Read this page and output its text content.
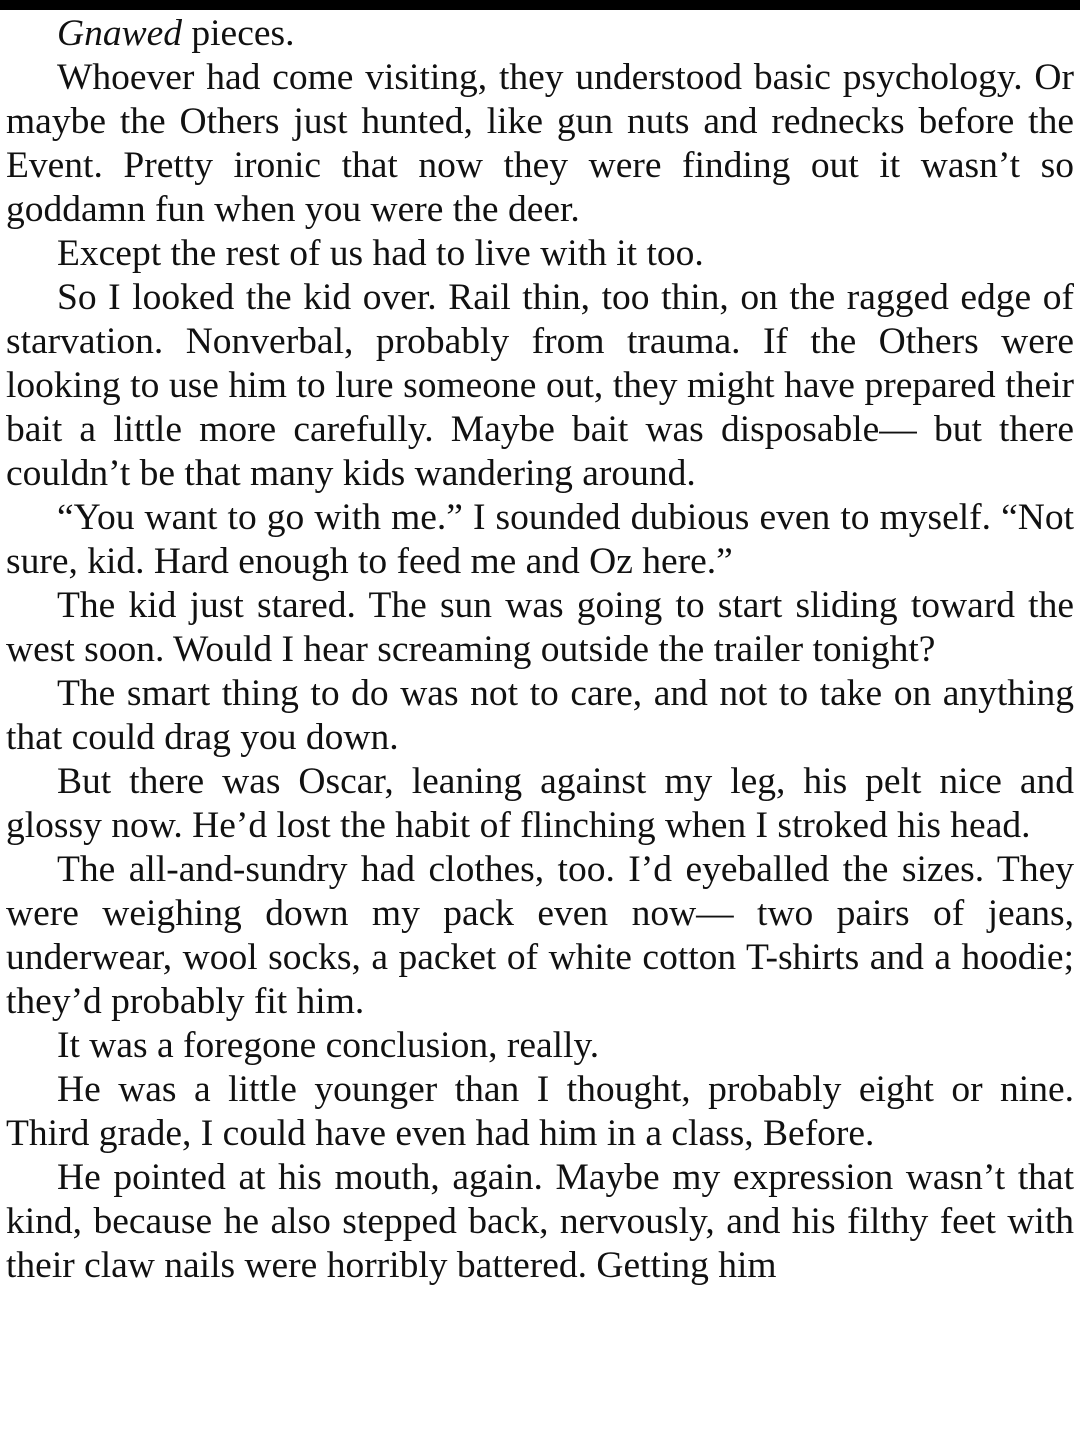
Gnawed pieces.

Whoever had come visiting, they understood basic psychology. Or maybe the Others just hunted, like gun nuts and rednecks before the Event. Pretty ironic that now they were finding out it wasn’t so goddamn fun when you were the deer.

Except the rest of us had to live with it too.

So I looked the kid over. Rail thin, too thin, on the ragged edge of starvation. Nonverbal, probably from trauma. If the Others were looking to use him to lure someone out, they might have prepared their bait a little more carefully. Maybe bait was disposable— but there couldn’t be that many kids wandering around.

“You want to go with me.” I sounded dubious even to myself. “Not sure, kid. Hard enough to feed me and Oz here.”

The kid just stared. The sun was going to start sliding toward the west soon. Would I hear screaming outside the trailer tonight?

The smart thing to do was not to care, and not to take on anything that could drag you down.

But there was Oscar, leaning against my leg, his pelt nice and glossy now. He’d lost the habit of flinching when I stroked his head.

The all-and-sundry had clothes, too. I’d eyeballed the sizes. They were weighing down my pack even now— two pairs of jeans, underwear, wool socks, a packet of white cotton T-shirts and a hoodie; they’d probably fit him.

It was a foregone conclusion, really.

He was a little younger than I thought, probably eight or nine. Third grade, I could have even had him in a class, Before.

He pointed at his mouth, again. Maybe my expression wasn’t that kind, because he also stepped back, nervously, and his filthy feet with their claw nails were horribly battered. Getting him
